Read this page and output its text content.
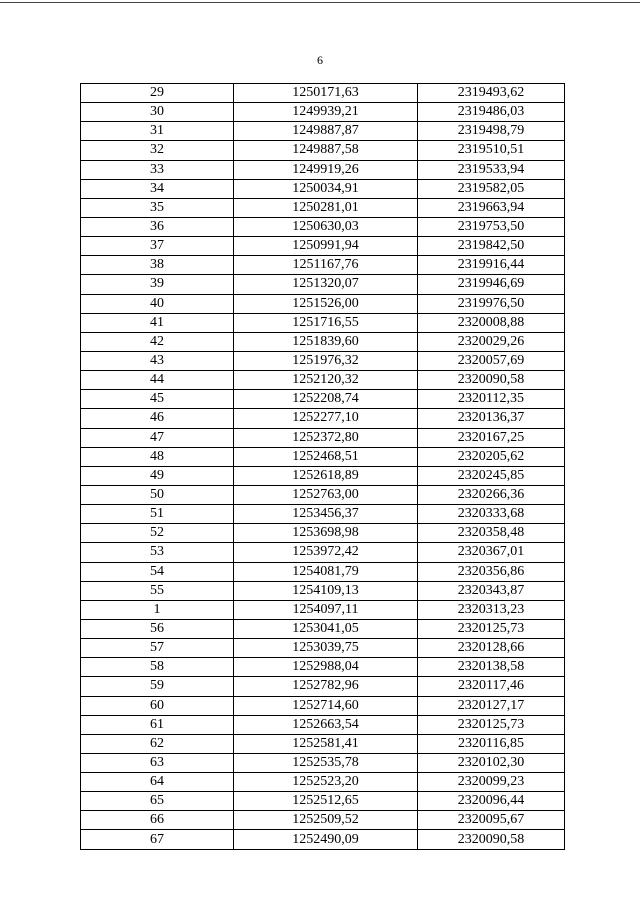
6
29	1250171,63	2319493,62
30	1249939,21	2319486,03
31	1249887,87	2319498,79
32	1249887,58	2319510,51
33	1249919,26	2319533,94
34	1250034,91	2319582,05
35	1250281,01	2319663,94
36	1250630,03	2319753,50
37	1250991,94	2319842,50
38	1251167,76	2319916,44
39	1251320,07	2319946,69
40	1251526,00	2319976,50
41	1251716,55	2320008,88
42	1251839,60	2320029,26
43	1251976,32	2320057,69
44	1252120,32	2320090,58
45	1252208,74	2320112,35
46	1252277,10	2320136,37
47	1252372,80	2320167,25
48	1252468,51	2320205,62
49	1252618,89	2320245,85
50	1252763,00	2320266,36
51	1253456,37	2320333,68
52	1253698,98	2320358,48
53	1253972,42	2320367,01
54	1254081,79	2320356,86
55	1254109,13	2320343,87
1	1254097,11	2320313,23
56	1253041,05	2320125,73
57	1253039,75	2320128,66
58	1252988,04	2320138,58
59	1252782,96	2320117,46
60	1252714,60	2320127,17
61	1252663,54	2320125,73
62	1252581,41	2320116,85
63	1252535,78	2320102,30
64	1252523,20	2320099,23
65	1252512,65	2320096,44
66	1252509,52	2320095,67
67	1252490,09	2320090,58
